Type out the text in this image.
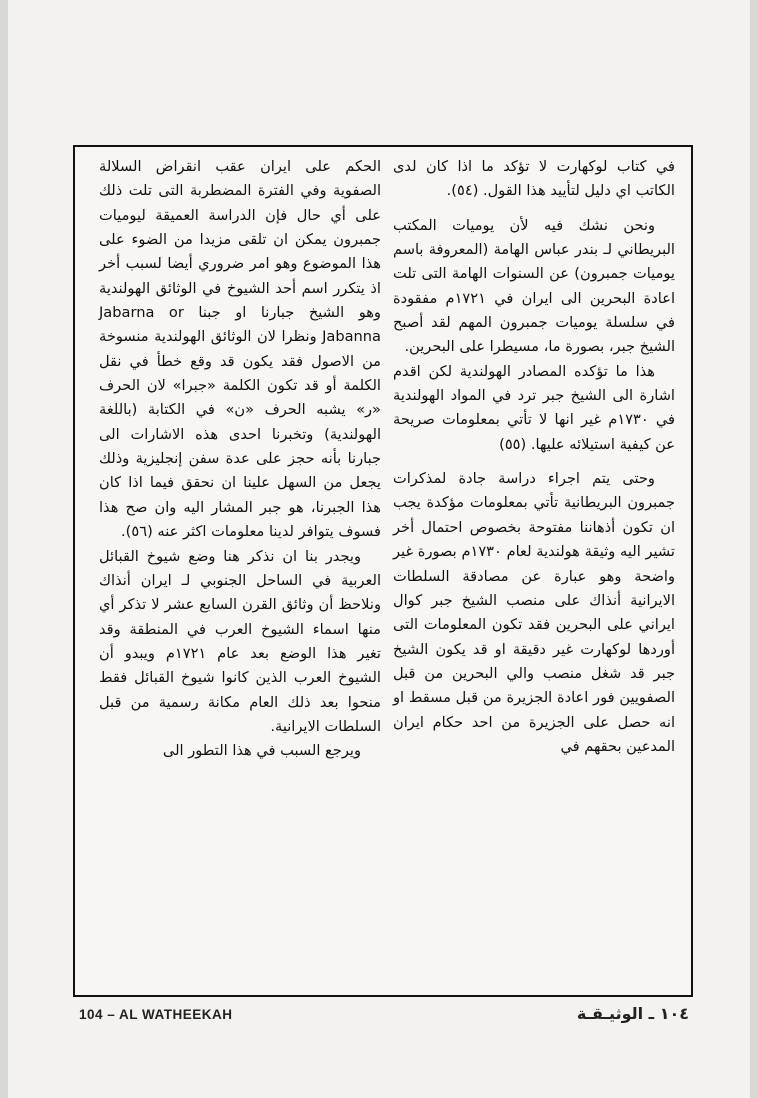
في كتاب لوكهارت لا تؤكد ما اذا كان لدى الكاتب اي دليل لتأييد هذا القول. (٥٤).

ونحن نشك فيه لأن يوميات المكتب البريطاني لـ بندر عباس الهامة (المعروفة باسم يوميات جمبرون) عن السنوات الهامة التى تلت اعادة البحرين الى ايران في ١٧٢١م مفقودة في سلسلة يوميات جمبرون المهم لقد أصبح الشيخ جبر، بصورة ما، مسيطرا على البحرين.

هذا ما تؤكده المصادر الهولندية لكن اقدم اشارة الى الشيخ جبر ترد في المواد الهولندية في ١٧٣٠م غير انها لا تأتي بمعلومات صريحة عن كيفية استيلائه عليها. (٥٥)

وحتى يتم اجراء دراسة جادة لمذكرات جمبرون البريطانية تأتي بمعلومات مؤكدة يجب ان تكون أذهاننا مفتوحة بخصوص احتمال أخر تشير اليه وثيقة هولندية لعام ١٧٣٠م بصورة غير واضحة وهو عبارة عن مصادقة السلطات الايرانية أنذاك على منصب الشيخ جبر كوال ايراني على البحرين فقد تكون المعلومات التى أوردها لوكهارت غير دقيقة او قد يكون الشيخ جبر قد شغل منصب والي البحرين من قبل الصفويين فور اعادة الجزيرة من قبل مسقط او انه حصل على الجزيرة من احد حكام ايران المدعين بحقهم في

الحكم على ايران عقب انقراض السلالة الصفوية وفي الفترة المضطربة التى تلت ذلك على أي حال فإن الدراسة العميقة ليوميات جمبرون يمكن ان تلقى مزيدا من الضوء على هذا الموضوع وهو امر ضروري أيضا لسبب أخر اذ يتكرر اسم أحد الشيوخ في الوثائق الهولندية وهو الشيخ جبارنا او جبنا Jabarna or Jabanna ونظرا لان الوثائق الهولندية منسوخة من الاصول فقد يكون قد وقع خطأ في نقل الكلمة أو قد تكون الكلمة «جبرا» لان الحرف «ر» يشبه الحرف «ن» في الكتابة (باللغة الهولندية) وتخبرنا احدى هذه الاشارات الى جبارنا بأنه حجز على عدة سفن إنجليزية وذلك يجعل من السهل علينا ان نحقق فيما اذا كان هذا الجبرنا، هو جبر المشار اليه وان صح هذا فسوف يتوافر لدينا معلومات اكثر عنه (٥٦).

ويجدر بنا ان نذكر هنا وضع شيوخ القبائل العربية في الساحل الجنوبي لـ ايران أنذاك ونلاحظ أن وثائق القرن السابع عشر لا تذكر أي منها اسماء الشيوخ العرب في المنطقة وقد تغير هذا الوضع بعد عام ١٧٢١م ويبدو أن الشيوخ العرب الذين كانوا شيوخ القبائل فقط منحوا بعد ذلك العام مكانة رسمية من قبل السلطات الايرانية.

ويرجع السبب في هذا التطور الى

104 – AL WATHEEKAH	١٠٤ ـ الوثيـقـة
